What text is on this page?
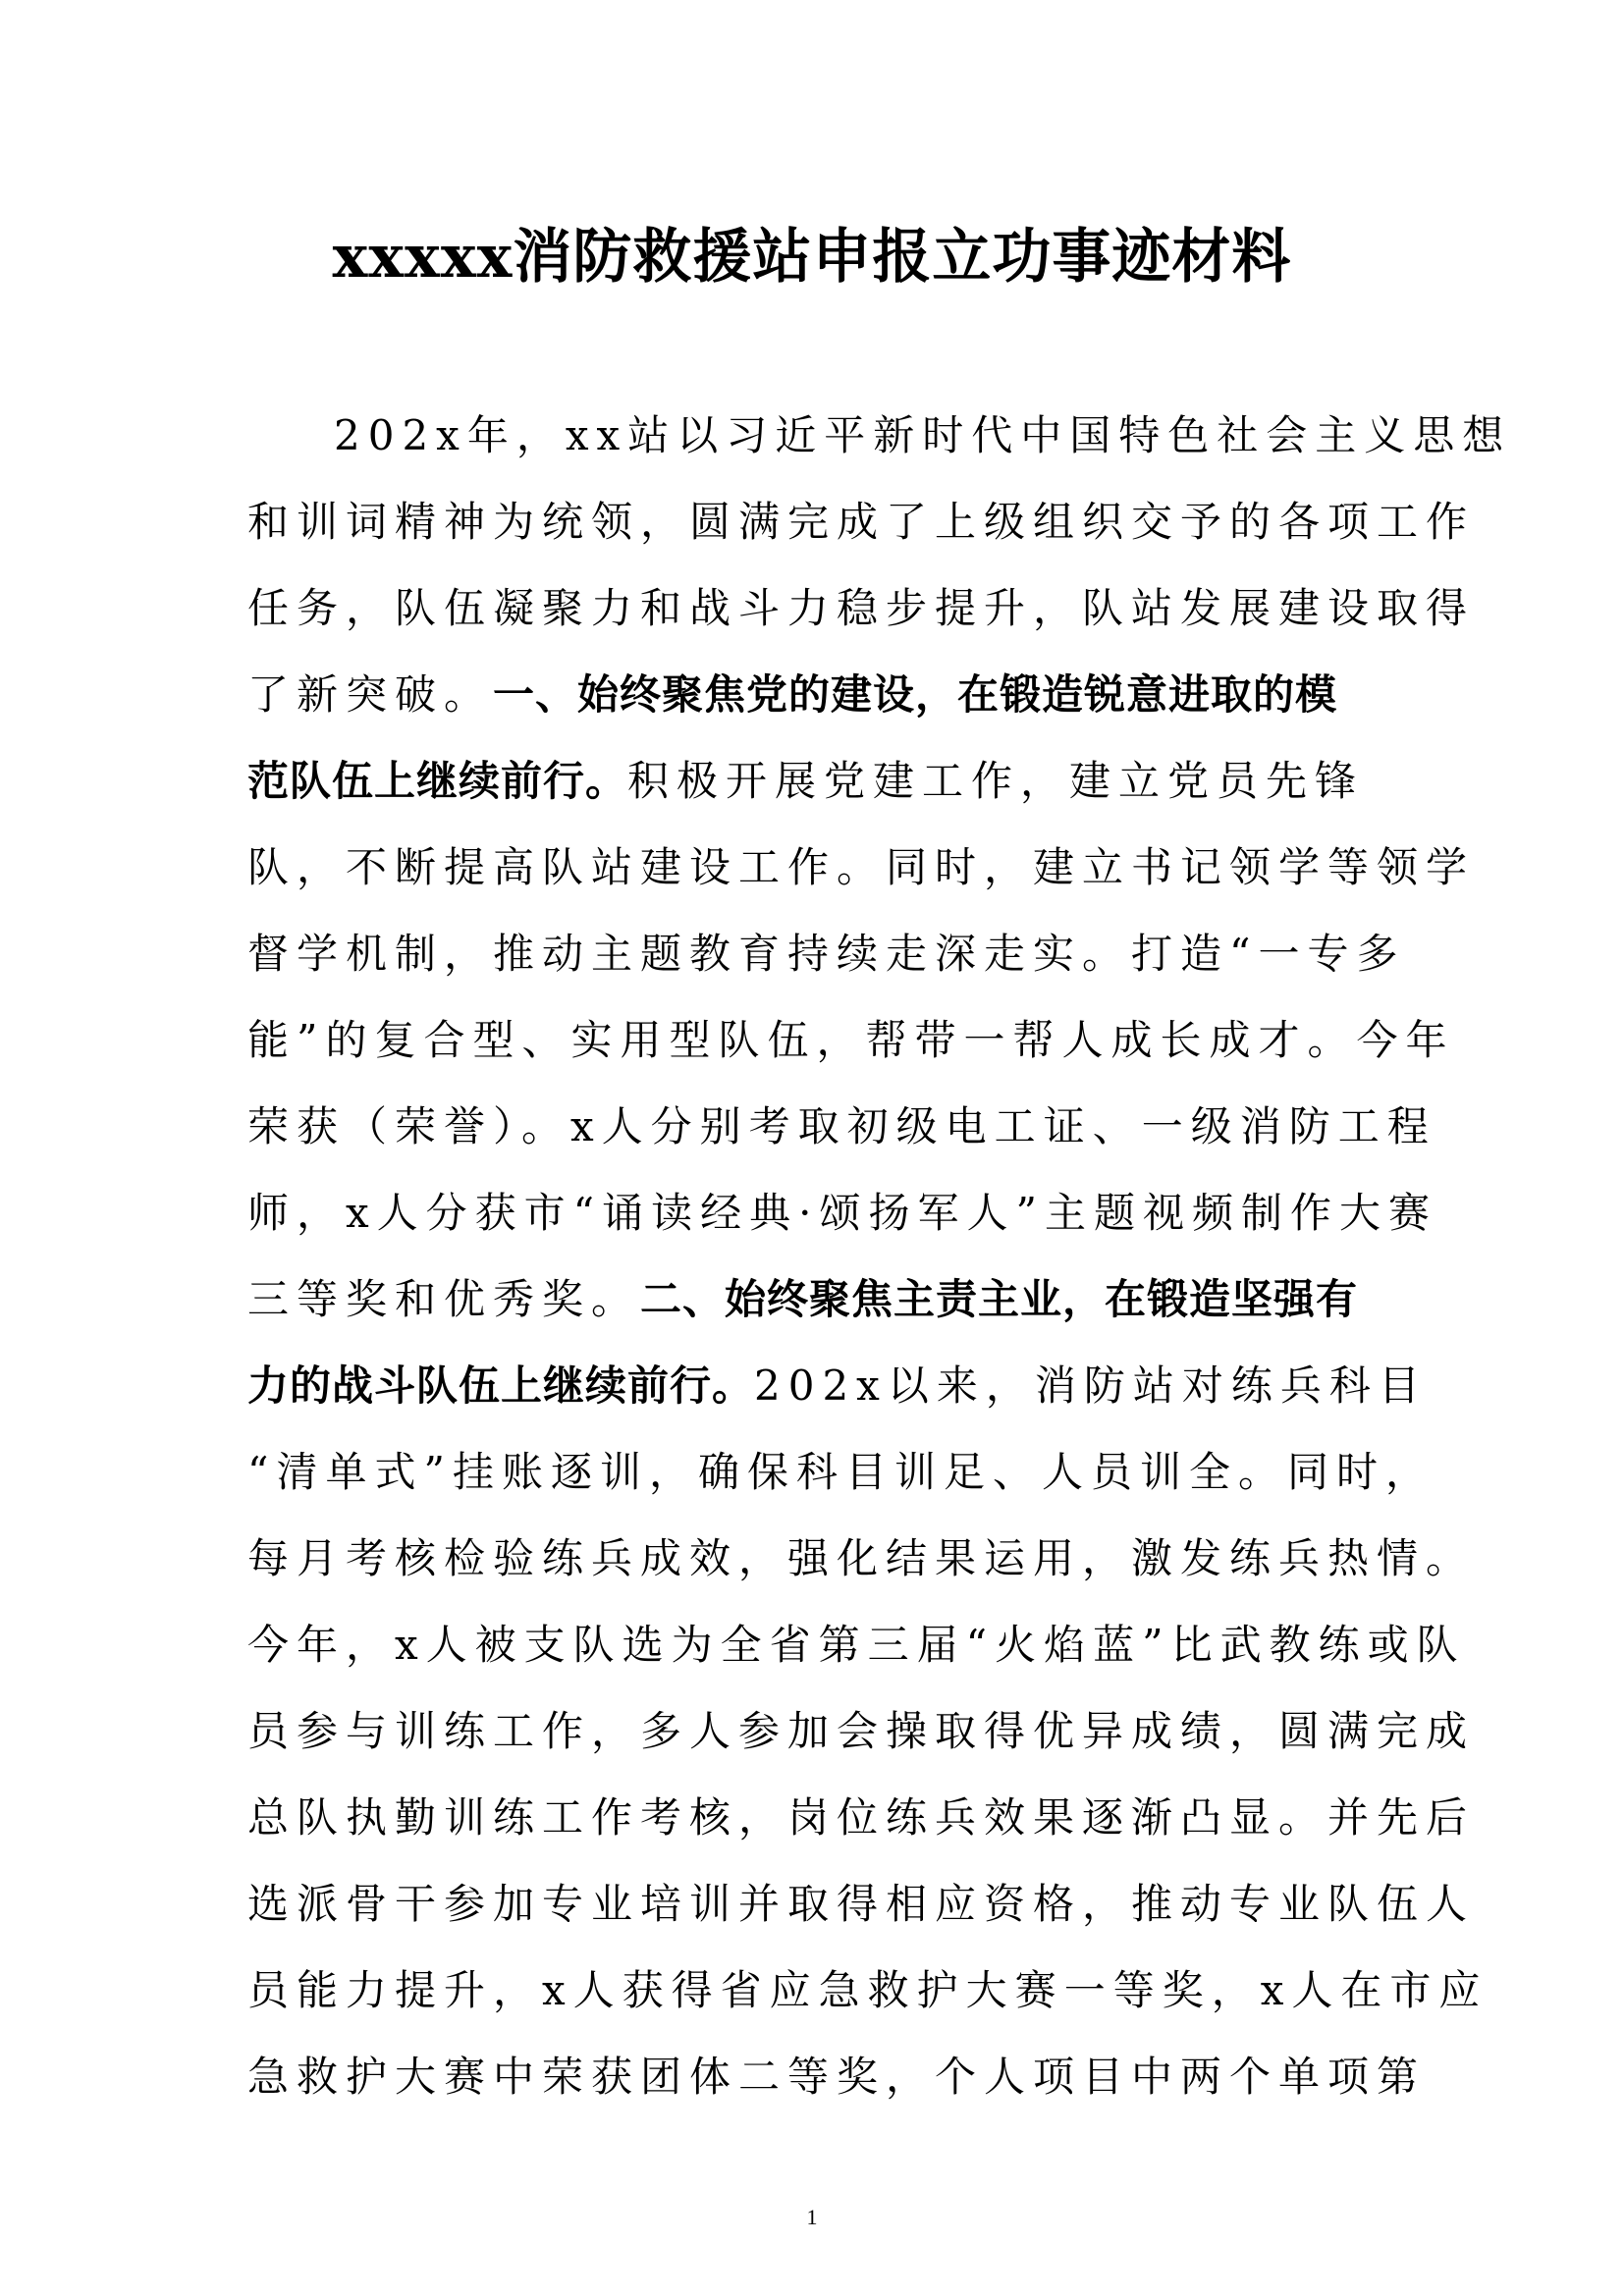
xxxxx消防救援站申报立功事迹材料
202x年，xx站以习近平新时代中国特色社会主义思想
和训词精神为统领，圆满完成了上级组织交予的各项工作
任务，队伍凝聚力和战斗力稳步提升，队站发展建设取得
了新突破。一、始终聚焦党的建设，在锻造锐意进取的模
范队伍上继续前行。积极开展党建工作，建立党员先锋
队，不断提高队站建设工作。同时，建立书记领学等领学
督学机制，推动主题教育持续走深走实。打造“一专多
能”的复合型、实用型队伍，帮带一帮人成长成才。今年
荣获（荣誉）。x人分别考取初级电工证、一级消防工程
师，x人分获市“诵读经典·颂扬军人”主题视频制作大赛
三等奖和优秀奖。二、始终聚焦主责主业，在锻造坚强有
力的战斗队伍上继续前行。202x以来，消防站对练兵科目
“清单式”挂账逐训，确保科目训足、人员训全。同时，
每月考核检验练兵成效，强化结果运用，激发练兵热情。
今年，x人被支队选为全省第三届“火焰蓝”比武教练或队
员参与训练工作，多人参加会操取得优异成绩，圆满完成
总队执勤训练工作考核，岗位练兵效果逐渐凸显。并先后
选派骨干参加专业培训并取得相应资格，推动专业队伍人
员能力提升，x人获得省应急救护大赛一等奖，x人在市应
急救护大赛中荣获团体二等奖，个人项目中两个单项第
1
